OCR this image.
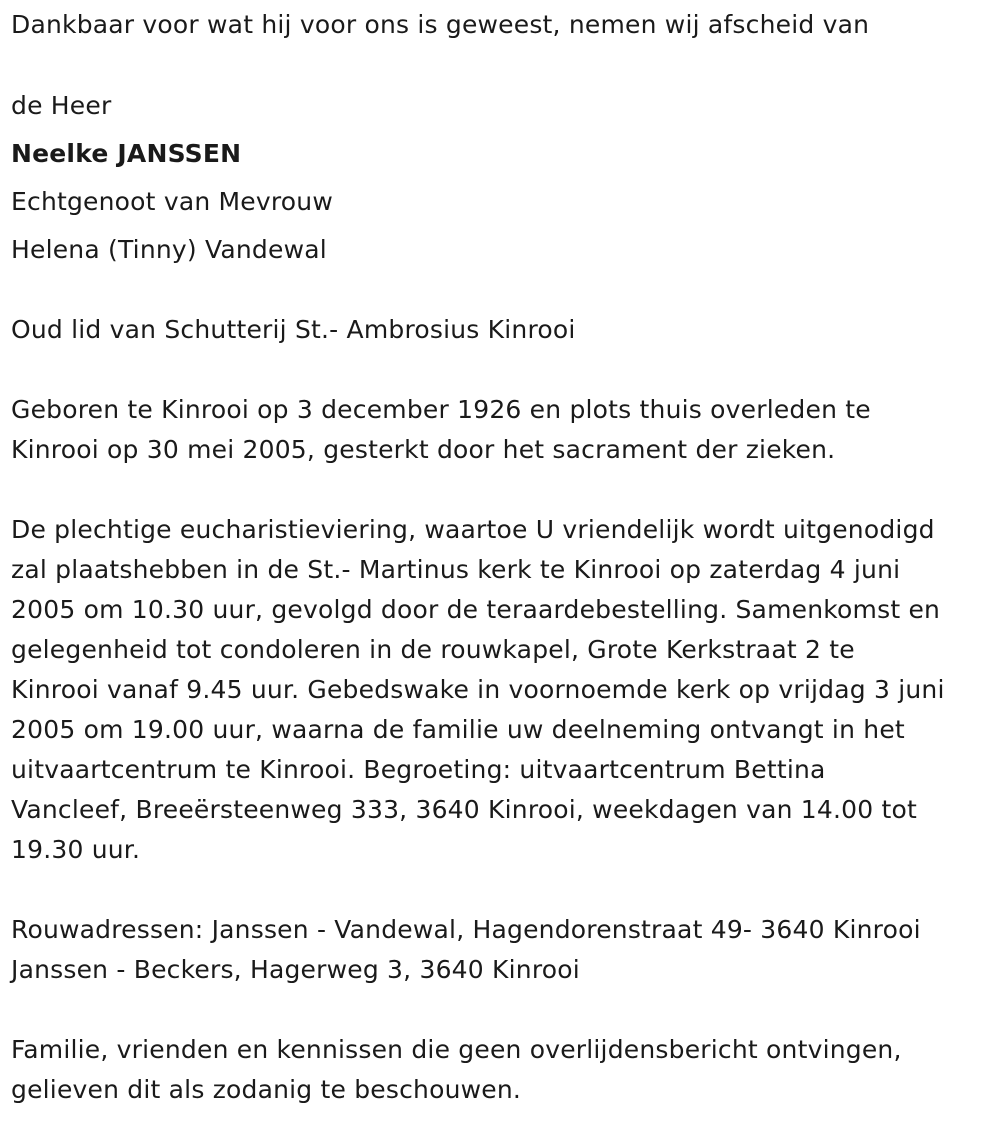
Dankbaar voor wat hij voor ons is geweest, nemen wij afscheid van
de Heer
Neelke JANSSEN
Echtgenoot van Mevrouw
Helena (Tinny) Vandewal
Oud lid van Schutterij St.- Ambrosius Kinrooi
Geboren te Kinrooi op 3 december 1926 en plots thuis overleden te
Kinrooi op 30 mei 2005, gesterkt door het sacrament der zieken.
De plechtige eucharistieviering, waartoe U vriendelijk wordt uitgenodigd
zal plaatshebben in de St.- Martinus kerk te Kinrooi op zaterdag 4 juni
2005 om 10.30 uur, gevolgd door de teraardebestelling. Samenkomst en
gelegenheid tot condoleren in de rouwkapel, Grote Kerkstraat 2 te
Kinrooi vanaf 9.45 uur. Gebedswake in voornoemde kerk op vrijdag 3 juni
2005 om 19.00 uur, waarna de familie uw deelneming ontvangt in het
uitvaartcentrum te Kinrooi. Begroeting: uitvaartcentrum Bettina
Vancleef, Breeërsteenweg 333, 3640 Kinrooi, weekdagen van 14.00 tot
19.30 uur.
Rouwadressen: Janssen - Vandewal, Hagendorenstraat 49- 3640 Kinrooi
Janssen - Beckers, Hagerweg 3, 3640 Kinrooi
Familie, vrienden en kennissen die geen overlijdensbericht ontvingen,
gelieven dit als zodanig te beschouwen.
